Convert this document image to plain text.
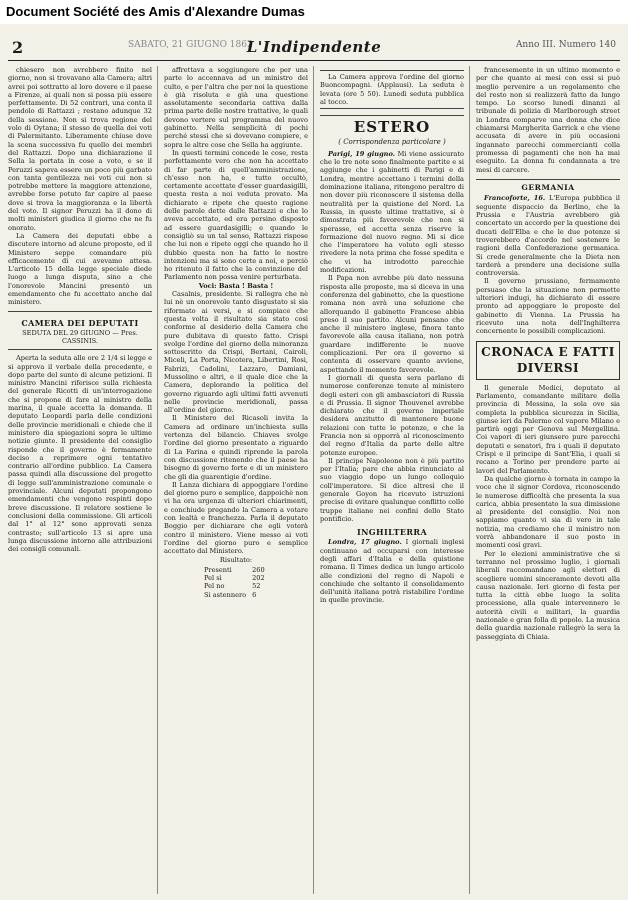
Document Société des Amis d'Alexandre Dumas
2	SABATO, 21 GIUGNO 1862
L'Indipendente	Anno III. Numero 140

chiesero non avrebbero finito nel giorno, non si trovavano alla Camera; altri avrei poi sottratto al loro dovere e il paese a Firenze, ai quali non si possa più essere perfettamente. Di 52 contrari, una conta il pendolo di Rattazzi ; restano adunque 32 della sessione. Non si trova regione del volo di Oytana; il stesso de quella dei voti di Palermitanto. Liberamente chiuse dove la scena successiva fu quello dei membri del Rattazzi. Dopo una dichiarazione il Sella la portata in cose a voto, e se il Peruzzi sapeva essere un poco più garbato con tanta gentilezza nei voti cui non si potrebbe mettere la maggiore attenzione, avrebbe forse potuto far capire al paese dove si trova la maggioranza e la libertà del voto. Il signor Peruzzi ha il dono di molti ministeri giudica il giorno che ne fu onorato.

La Camera dei deputati ebbe a discutere intorno ad alcune proposte, ed il Ministero seppe comandare più efficacemente di cui avevamo attesa. L'articolo 15 della legge speciale diede luogo a lunga disputa, sino a che l'onorevole Mancini presentò un emendamento che fu accettato anche dal ministero.

CAMERA DEI DEPUTATI
SEDUTA DEL 29 GIUGNO — Pres. CASSINIS.

Aperta la seduta alle ore 2 1/4 si legge e si approva il verbale della precedente, e dopo parte del sunto di alcune petizioni. Il ministro Mancini riferisce sulla richiesta del generale Ricotti di un'interrogazione che si propone di fare al ministro della marina, il quale accetta la domanda. Il deputato Leopardi parla delle condizioni delle provincie meridionali e chiede che il ministero dia spiegazioni sopra le ultime notizie giunte. Il presidente del consiglio risponde che il governo è fermamente deciso a reprimere ogni tentativo contrario all'ordine pubblico. La Camera passa quindi alla discussione del progetto di legge sull'amministrazione comunale e provinciale. Alcuni deputati propongono emendamenti che vengono respinti dopo breve discussione. Il relatore sostiene le conclusioni della commissione. Gli articoli dal 1° al 12° sono approvati senza contrasto; sull'articolo 13 si apre una lunga discussione intorno alle attribuzioni dei consigli comunali.

affrettava a soggiungere che per una parte lo accennava ad un ministro del culto, e per l'altra che per noi la questione è già risoluta e già una questione assolutamente secondaria cattiva dalla prima parte delle nostre trattative, le quali devono vertere sul programma del nuovo gabinetto. Nella semplicità di pochi perché stessi che si dovevano compiere, e sopra le altre cose che Sella ha aggiunte.

In questi termini concede le cose, resta perfettamente vero che non ha accettato di far parte di quell'amministrazione, ch'esso non ha, e tutto occultò, certamente accettate d'esser guardasigilli, questa resta a noi veduta provato. Ma dichiarato e ripete che questo ragione delle parole dette dalle Rattazzi e che lo aveva accettato, ed era persino disposto ad essere guardasigilli; e quando le consigliò su un tal senso, Rattazzi rispose che lui non e ripete oggi che quando ho il dubbio questa non ha fatto le nostre intenzioni ma si sono certe a noi, e perciò ho ritenuto il fatto che la convinzione del Parlamento non possa venire perturbata.

Voci: Basta ! Basta !

Casalnis, presidente. Si rallegra che nè lui nè un onorevole tanto disgustato si sia riformato ai versi, e si compiace che questa volta il risultato sia stato così conforme al desiderio della Camera che pure dubitava di questo fatto. Crispi svolge l'ordine del giorno della minoranza sottoscritto da Crispi, Bertani, Cairoli, Miceli, La Porta, Nicotera, Libertini, Rosi, Fabrizi, Cadolini, Lazzaro, Damiani, Mussolino e altri, e il quale dice che la Camera, deplorando la politica del governo riguardo agli ultimi fatti avvenuti nelle provincie meridionali, passa all'ordine del giorno.

Il Ministero del Ricasoli invita la Camera ad ordinare un'inchiesta sulla vertenza del bilancio. Chiaves svolge l'ordine del giorno presentato a riguardo di La Farina e quindi riprende la parola con discussione ritenendo che il paese ha bisogno di governo forte e di un ministero che gli dia guarentigie d'ordine.

Il Lanza dichiara di appoggiare l'ordine del giorno puro e semplice, dappoichè non vi ha ora urgenza di ulteriori chiarimenti, e conchiude pregando la Camera a votare con lealtà e franchezza. Parla il deputato Boggio per dichiarare che egli voterà contro il ministero. Viene messo ai voti l'ordine del giorno puro e semplice accettato dal Ministero.

Risultato:

Presenti	260
Pel sì	202
Pel no	52
Si astennero	6

La Camera approva l'ordine del giorno Buoncompagni. (Applausi). La seduta è levata (ore 5 50). Lunedì seduta pubblica al tocco.

ESTERO
( Corrispondenza particolare )

Parigi, 19 giugno. Mi viene assicurato che le tre note sono finalmente partite e si aggiunge che i gabinetti di Parigi e di Londra, mentre accettano i termini della dominazione italiana, ritengono peraltro di non dover più riconoscere il sistema della neutralità per la quistione del Nord. La Russia, in queste ultime trattative, si è dimostrata più favorevole che non si sperasse, ed accetta senza riserve la formazione del nuovo regno. Mi si dice che l'imperatore ha voluto egli stesso rivedere la nota prima che fosse spedita e che vi ha introdotto parecchie modificazioni.

Il Papa non avrebbe più dato nessuna risposta alle proposte, ma si diceva in una conferenza del gabinetto, che la questione romana non avrà una soluzione che allorquando il gabinetto Francese abbia preso il suo partito. Alcuni pensano che anche il ministero inglese, finora tanto favorevole alla causa italiana, non potrà guardare indifferente le nuove complicazioni. Per ora il governo si contenta di osservare quanto avviene, aspettando il momento favorevole.

I giornali di questa sera parlano di numerose conferenze tenute al ministero degli esteri con gli ambasciatori di Russia e di Prussia. Il signor Thouvenel avrebbe dichiarato che il governo imperiale desidera anzitutto di mantenere buone relazioni con tutte le potenze, e che la Francia non si opporrà al riconoscimento del regno d'Italia da parte delle altre potenze europee.

Il principe Napoleone non è più partito per l'Italia; pare che abbia rinunciato al suo viaggio dopo un lungo colloquio coll'imperatore. Si dice altresì che il generale Goyon ha ricevuto istruzioni precise di evitare qualunque conflitto colle truppe italiane nei confini dello Stato pontificio.

INGHILTERRA

Londra, 17 giugno. I giornali inglesi continuano ad occuparsi con interesse degli affari d'Italia e della quistione romana. Il Times dedica un lungo articolo alle condizioni del regno di Napoli e conchiude che soltanto il consolidamento dell'unità italiana potrà ristabilire l'ordine in quelle provincie.

francesemente in un ultimo momento e per che quanto ai mesi con essi si può meglio pervenire a un regolamento che del resto non si realizzerà fatto da lungo tempo. Lo scorso lunedì dinanzi al tribunale di polizia di Marlborough street in Londra comparve una donna che dice chiamarsi Margherita Garrick e che viene accusata di avere in più occasioni ingannato parecchi commercianti colla promessa di pagamenti che non ha mai eseguito. La donna fu condannata a tre mesi di carcere.

GERMANIA

Francoforte, 16. L'Europa pubblica il seguente dispaccio da Berlino, che la Prussia e l'Austria avrebbero già concertato un accordo per la questione dei ducati dell'Elba e che le due potenze si troverebbero d'accordo nel sostenere le ragioni della Confederazione germanica. Si crede generalmente che la Dieta non tarderà a prendere una decisione sulla controversia.

Il governo prussiano, fermamente persuaso che la situazione non permette ulteriori indugi, ha dichiarato di essere pronto ad appoggiare le proposte del gabinetto di Vienna. La Prussia ha ricevuto una nota dell'Inghilterra concernente le possibili complicazioni.

CRONACA E FATTI DIVERSI

Il generale Medici, deputato al Parlamento, comandante militare della provincia di Messina, la sola ove sia completa la pubblica sicurezza in Sicilia, giunse ieri da Palermo col vapore Milano e partirà oggi per Genova sul Mergellina. Coi vapori di ieri giunsero pure parecchi deputati e senatori, fra i quali il deputato Crispi e il principe di Sant'Elia, i quali si recano a Torino per prendere parte ai lavori del Parlamento.

Da qualche giorno è tornata in campo la voce che il signor Cordova, riconoscendo le numerose difficoltà che presenta la sua carica, abbia presentato la sua dimissione al presidente del consiglio. Noi non sappiamo quanto vi sia di vero in tale notizia, ma crediamo che il ministro non vorrà abbandonare il suo posto in momenti così gravi.

Per le elezioni amministrative che si terranno nel prossimo luglio, i giornali liberali raccomandano agli elettori di scegliere uomini sinceramente devoti alla causa nazionale. Ieri giorno di festa per tutta la città ebbe luogo la solita processione, alla quale intervennero le autorità civili e militari, la guardia nazionale e gran folla di popolo. La musica della guardia nazionale rallegrò la sera la passeggiata di Chiaia.
